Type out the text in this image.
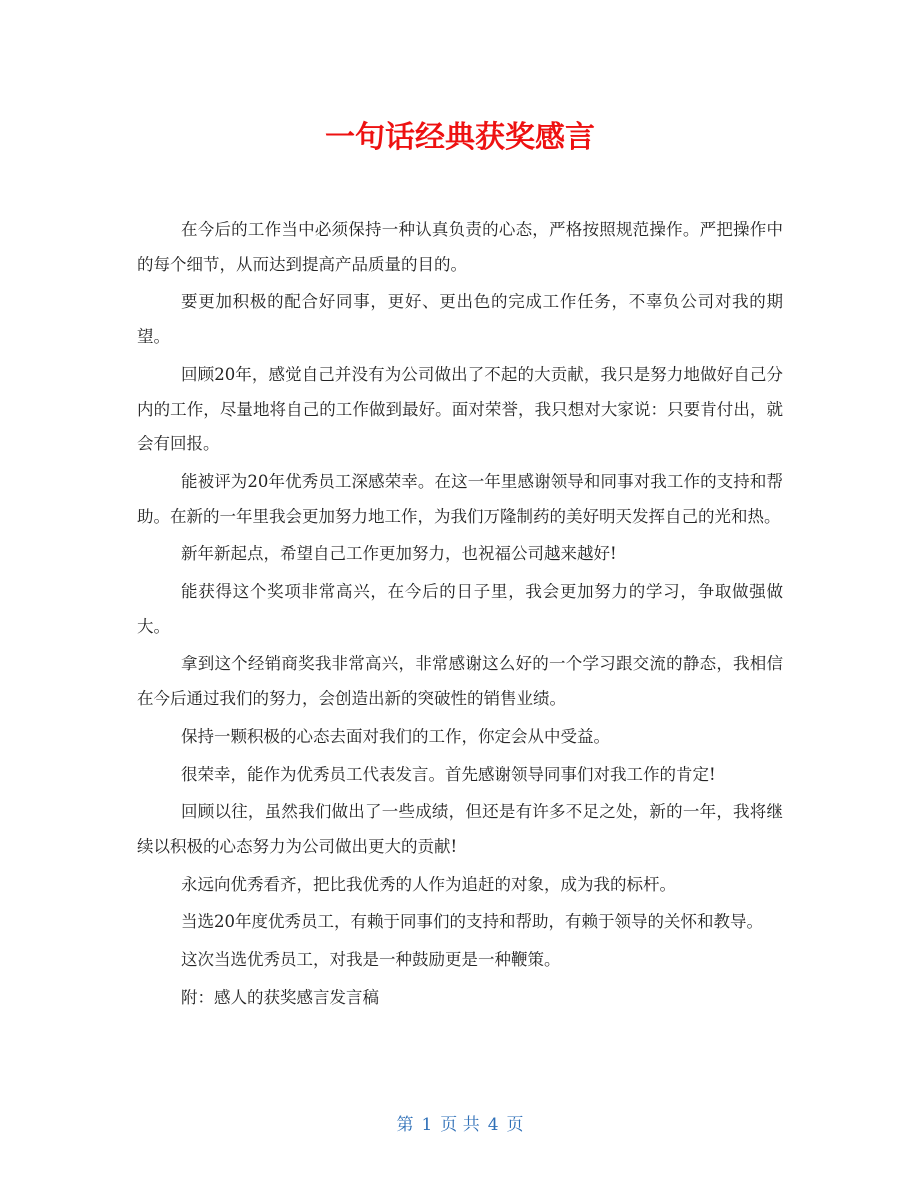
一句话经典获奖感言

在今后的工作当中必须保持一种认真负责的心态，严格按照规范操作。严把操作中的每个细节，从而达到提高产品质量的目的。

要更加积极的配合好同事，更好、更出色的完成工作任务，不辜负公司对我的期望。

回顾20年，感觉自己并没有为公司做出了不起的大贡献，我只是努力地做好自己分内的工作，尽量地将自己的工作做到最好。面对荣誉，我只想对大家说：只要肯付出，就会有回报。

能被评为20年优秀员工深感荣幸。在这一年里感谢领导和同事对我工作的支持和帮助。在新的一年里我会更加努力地工作，为我们万隆制药的美好明天发挥自己的光和热。

新年新起点，希望自己工作更加努力，也祝福公司越来越好!

能获得这个奖项非常高兴，在今后的日子里，我会更加努力的学习，争取做强做大。

拿到这个经销商奖我非常高兴，非常感谢这么好的一个学习跟交流的静态，我相信在今后通过我们的努力，会创造出新的突破性的销售业绩。

保持一颗积极的心态去面对我们的工作，你定会从中受益。

很荣幸，能作为优秀员工代表发言。首先感谢领导同事们对我工作的肯定!

回顾以往，虽然我们做出了一些成绩，但还是有许多不足之处，新的一年，我将继续以积极的心态努力为公司做出更大的贡献!

永远向优秀看齐，把比我优秀的人作为追赶的对象，成为我的标杆。

当选20年度优秀员工，有赖于同事们的支持和帮助，有赖于领导的关怀和教导。

这次当选优秀员工，对我是一种鼓励更是一种鞭策。

附：感人的获奖感言发言稿

第 1 页 共 4 页
